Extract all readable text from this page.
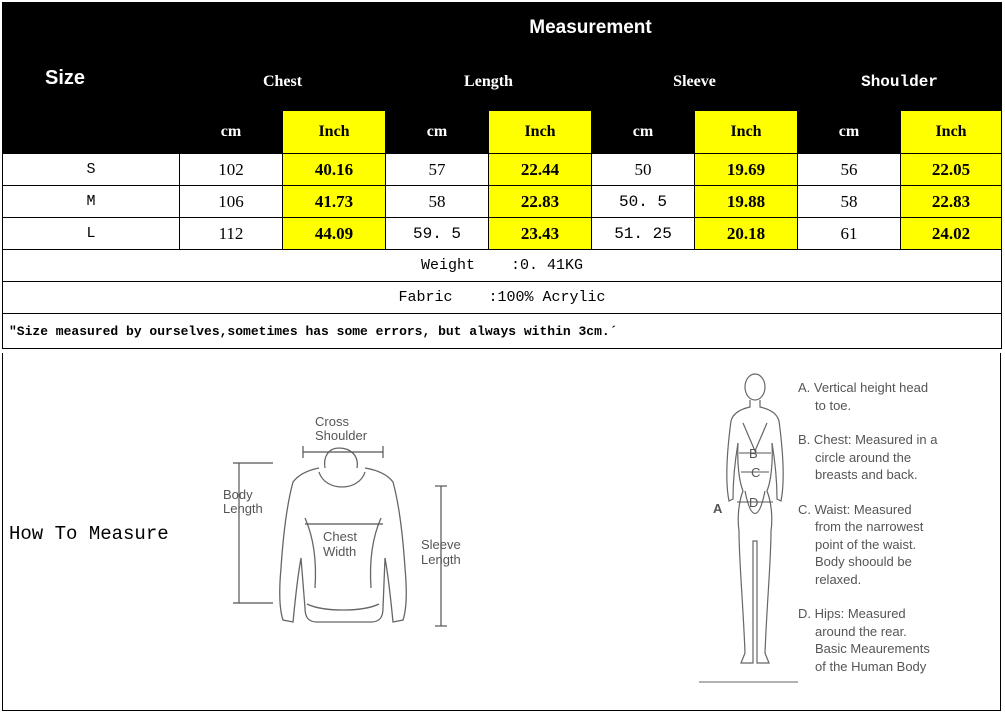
Size	Measurement							
	Chest		Length		Sleeve		Shoulder	
	cm	Inch	cm	Inch	cm	Inch	cm	Inch
S	102	40.16	57	22.44	50	19.69	56	22.05
M	106	41.73	58	22.83	50. 5	19.88	58	22.83
L	112	44.09	59. 5	23.43	51. 25	20.18	61	24.02
Weight    :0. 41KG								
Fabric    :100% Acrylic								
"Size measured by ourselves,sometimes has some errors, but always within 3cm.´								
How To Measure
Cross
Shoulder
Body
Length
Chest
Width	Sleeve
Length
B
C
D
A
A. Vertical height head
to toe.
B. Chest: Measured in a
circle around the
breasts and back.
C. Waist: Measured
from the narrowest
point of the waist.
Body shoould be
relaxed.
D. Hips: Measured
around the rear.
Basic Meaurements
of the Human Body
